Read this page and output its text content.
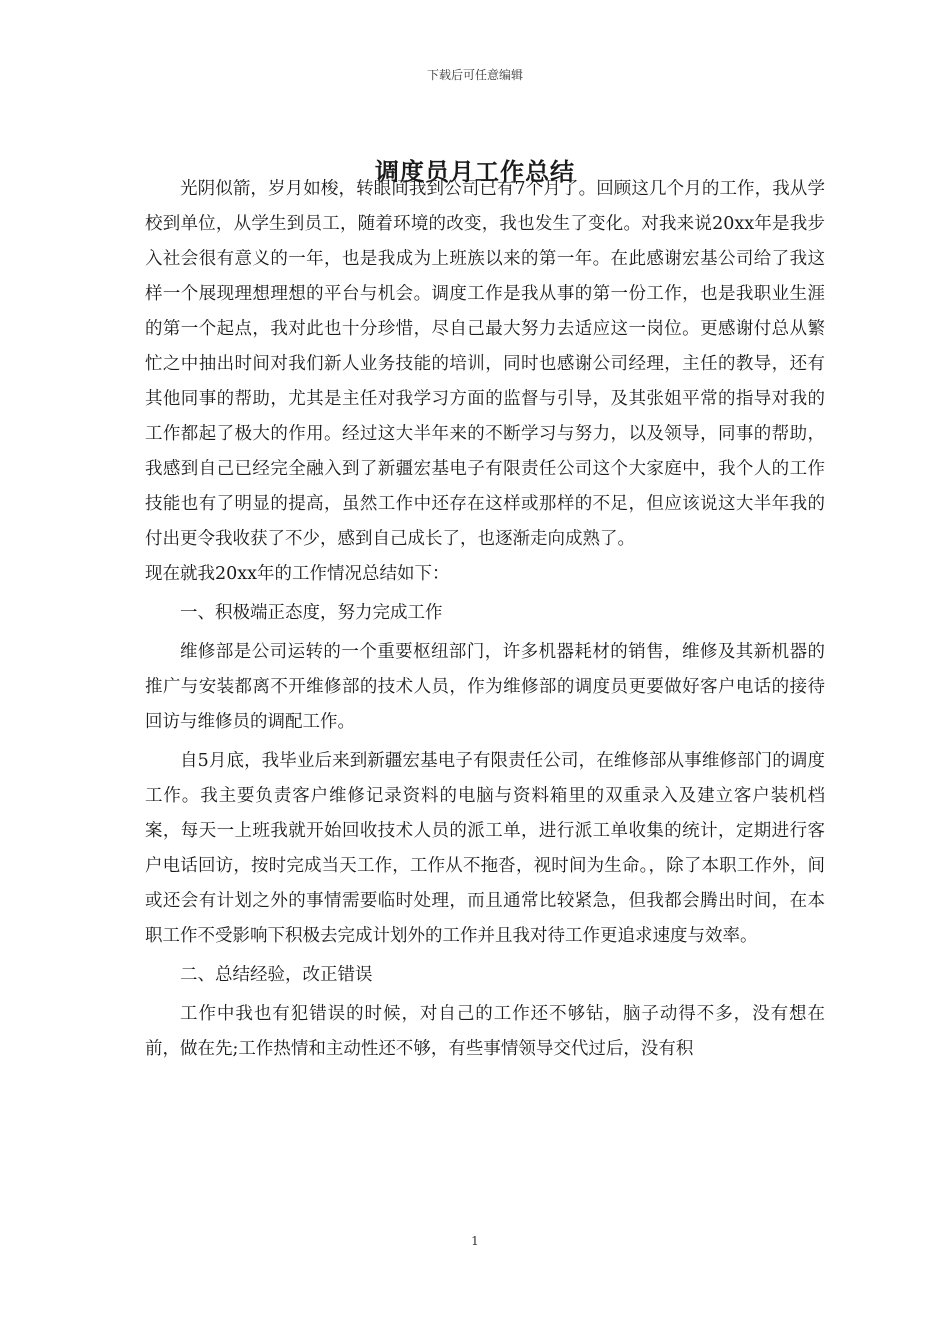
下载后可任意编辑
调度员月工作总结

光阴似箭，岁月如梭，转眼间我到公司已有7个月了。回顾这几个月的工作，我从学校到单位，从学生到员工，随着环境的改变，我也发生了变化。对我来说20xx年是我步入社会很有意义的一年，也是我成为上班族以来的第一年。在此感谢宏基公司给了我这样一个展现理想理想的平台与机会。调度工作是我从事的第一份工作，也是我职业生涯的第一个起点，我对此也十分珍惜，尽自己最大努力去适应这一岗位。更感谢付总从繁忙之中抽出时间对我们新人业务技能的培训，同时也感谢公司经理，主任的教导，还有其他同事的帮助，尤其是主任对我学习方面的监督与引导，及其张姐平常的指导对我的工作都起了极大的作用。经过这大半年来的不断学习与努力，以及领导，同事的帮助，我感到自己已经完全融入到了新疆宏基电子有限责任公司这个大家庭中，我个人的工作技能也有了明显的提高，虽然工作中还存在这样或那样的不足，但应该说这大半年我的付出更令我收获了不少，感到自己成长了，也逐渐走向成熟了。

现在就我20xx年的工作情况总结如下：

一、积极端正态度，努力完成工作

维修部是公司运转的一个重要枢纽部门，许多机器耗材的销售，维修及其新机器的推广与安装都离不开维修部的技术人员，作为维修部的调度员更要做好客户电话的接待回访与维修员的调配工作。

自5月底，我毕业后来到新疆宏基电子有限责任公司，在维修部从事维修部门的调度工作。我主要负责客户维修记录资料的电脑与资料箱里的双重录入及建立客户装机档案，每天一上班我就开始回收技术人员的派工单，进行派工单收集的统计，定期进行客户电话回访，按时完成当天工作，工作从不拖沓，视时间为生命。，除了本职工作外，间或还会有计划之外的事情需要临时处理，而且通常比较紧急，但我都会腾出时间，在本职工作不受影响下积极去完成计划外的工作并且我对待工作更追求速度与效率。

二、总结经验，改正错误

工作中我也有犯错误的时候，对自己的工作还不够钻，脑子动得不多，没有想在前，做在先;工作热情和主动性还不够，有些事情领导交代过后，没有积

1
